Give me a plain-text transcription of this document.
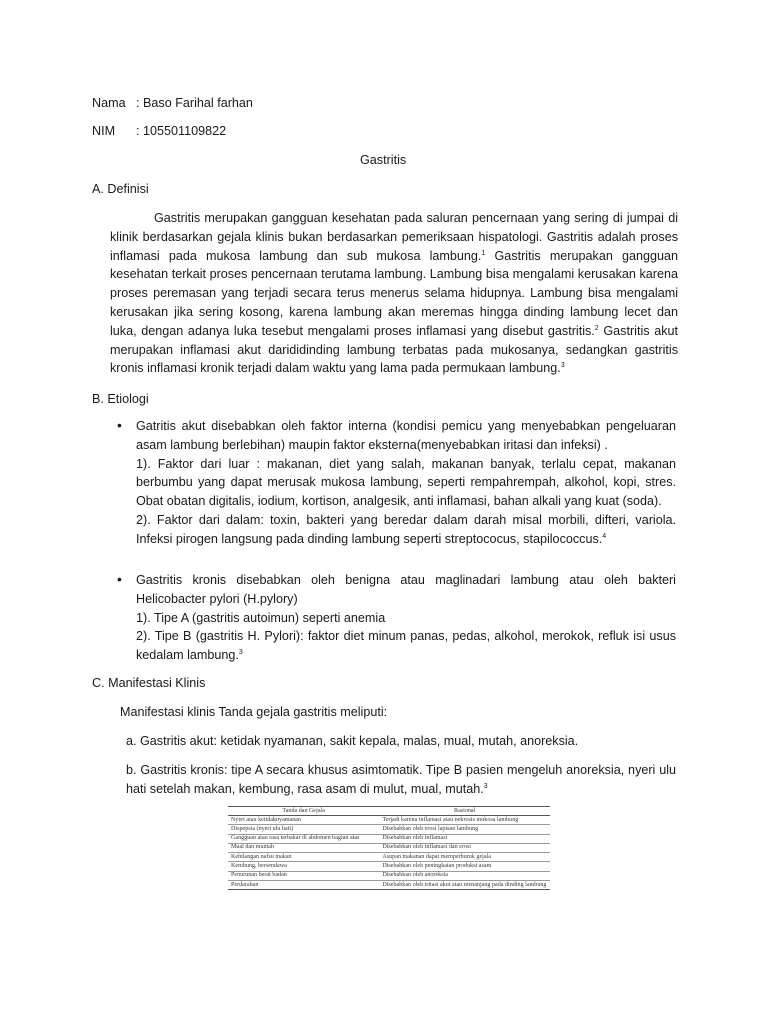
Nama : Baso Farihal farhan
NIM : 105501109822
Gastritis
A. Definisi
Gastritis merupakan gangguan kesehatan pada saluran pencernaan yang sering di jumpai di klinik berdasarkan gejala klinis bukan berdasarkan pemeriksaan hispatologi. Gastritis adalah proses inflamasi pada mukosa lambung dan sub mukosa lambung.$^1$ Gastritis merupakan gangguan kesehatan terkait proses pencernaan terutama lambung. Lambung bisa mengalami kerusakan karena proses peremasan yang terjadi secara terus menerus selama hidupnya. Lambung bisa mengalami kerusakan jika sering kosong, karena lambung akan meremas hingga dinding lambung lecet dan luka, dengan adanya luka tesebut mengalami proses inflamasi yang disebut gastritis.$^2$ Gastritis akut merupakan inflamasi akut darididinding lambung terbatas pada mukosanya, sedangkan gastritis kronis inflamasi kronik terjadi dalam waktu yang lama pada permukaan lambung.$^3$
B. Etiologi
• Gatritis akut disebabkan oleh faktor interna (kondisi pemicu yang menyebabkan pengeluaran asam lambung berlebihan) maupin faktor eksterna(menyebabkan iritasi dan infeksi) .
1). Faktor dari luar : makanan, diet yang salah, makanan banyak, terlalu cepat, makanan berbumbu yang dapat merusak mukosa lambung, seperti rempahrempah, alkohol, kopi, stres. Obat obatan digitalis, iodium, kortison, analgesik, anti inflamasi, bahan alkali yang kuat (soda).
2). Faktor dari dalam: toxin, bakteri yang beredar dalam darah misal morbili, difteri, variola. Infeksi pirogen langsung pada dinding lambung seperti streptococus, stapilococcus.$^4$
• Gastritis kronis disebabkan oleh benigna atau maglinadari lambung atau oleh bakteri Helicobacter pylori (H.pylory)
1). Tipe A (gastritis autoimun) seperti anemia
2). Tipe B (gastritis H. Pylori): faktor diet minum panas, pedas, alkohol, merokok, refluk isi usus kedalam lambung.$^3$
C. Manifestasi Klinis
Manifestasi klinis Tanda gejala gastritis meliputi:
a. Gastritis akut: ketidak nyamanan, sakit kepala, malas, mual, mutah, anoreksia.
b. Gastritis kronis: tipe A secara khusus asimtomatik. Tipe B pasien mengeluh anoreksia, nyeri ulu hati setelah makan, kembung, rasa asam di mulut, mual, mutah.$^3$
Tanda dan Gejala	Rasional
Nyeri atau ketidaknyamanan	Terjadi karena inflamasi atau nekrosis mukosa lambung
Dispepsia (nyeri ulu hati)	Disebabkan oleh erosi lapisan lambung
Gangguan atau rasa terbakar di abdomen bagian atas	Disebabkan oleh inflamasi
Mual dan muntah	Disebabkan oleh inflamasi dan erosi
Kehilangan nafsu makan	Asupan makanan dapat memperburuk gejala
Kembung, bersendawa	Disebabkan oleh peningkatan produksi asam
Penurunan berat badan	Disebabkan oleh anoreksia
Perdarahan	Disebabkan oleh iritasi akut atau menanjang pada dinding lambung
